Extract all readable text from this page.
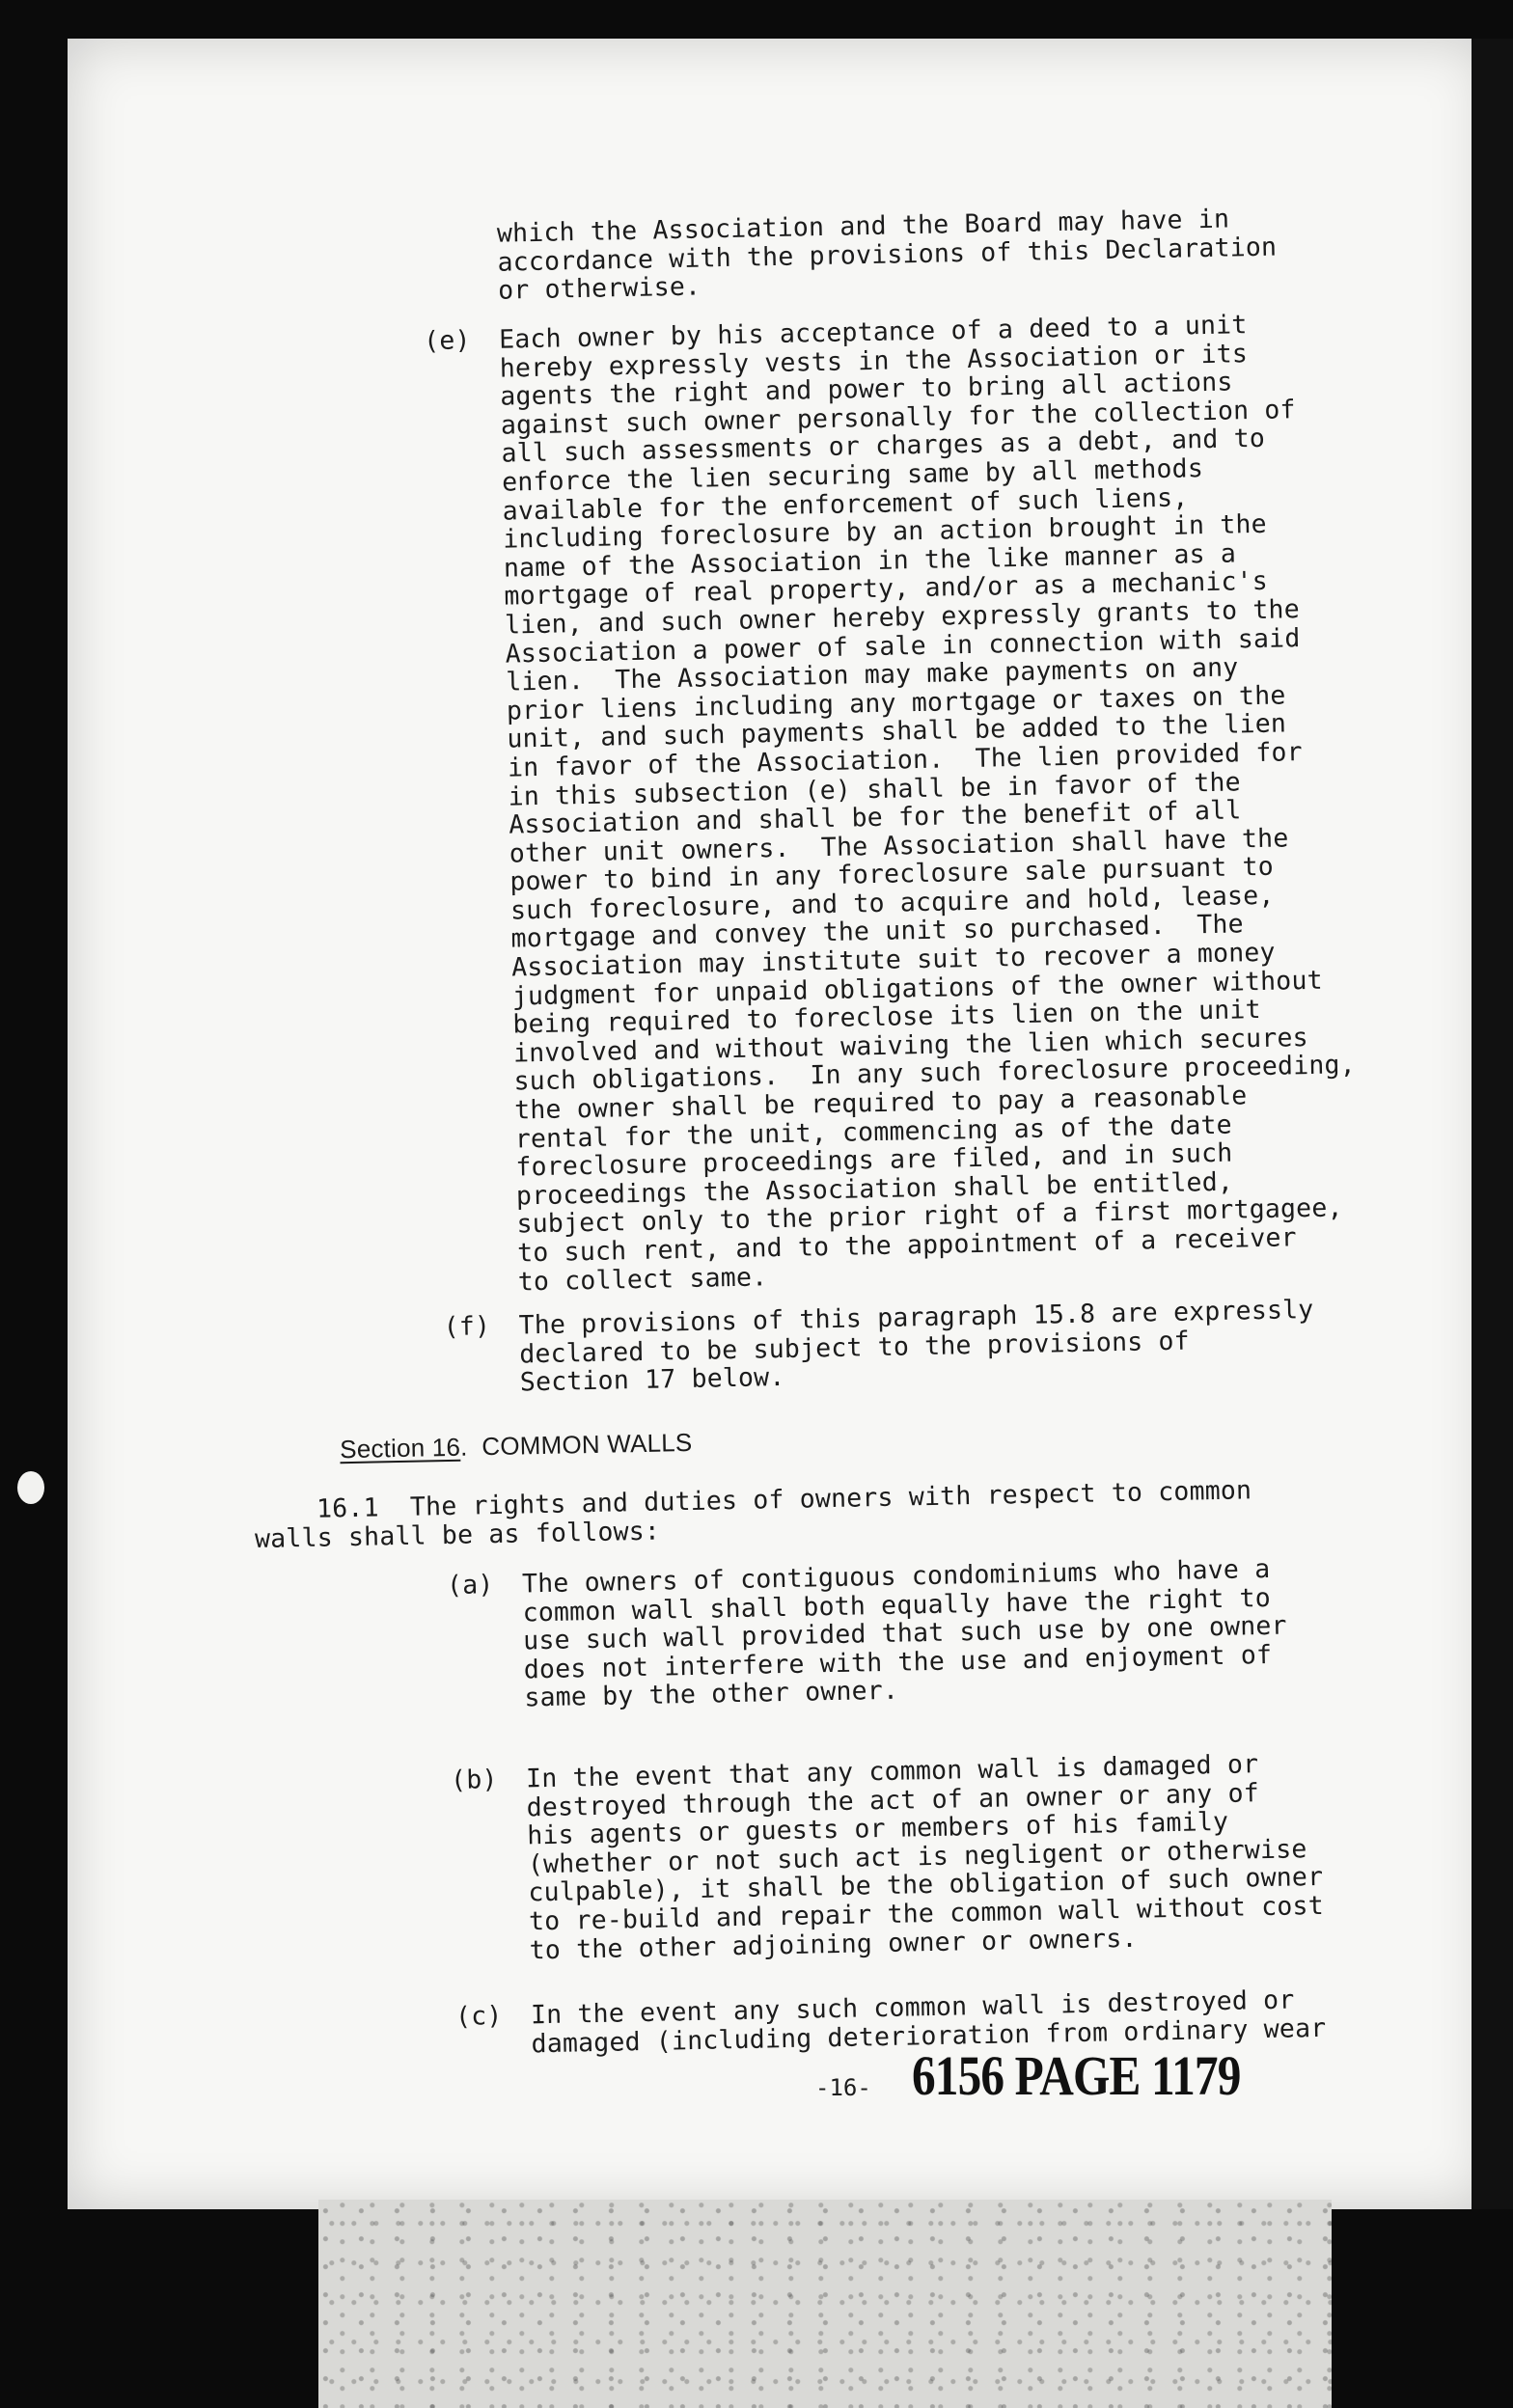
which the Association and the Board may have in
accordance with the provisions of this Declaration
or otherwise.

(e) Each owner by his acceptance of a deed to a unit
hereby expressly vests in the Association or its
agents the right and power to bring all actions
against such owner personally for the collection of
all such assessments or charges as a debt, and to
enforce the lien securing same by all methods
available for the enforcement of such liens,
including foreclosure by an action brought in the
name of the Association in the like manner as a
mortgage of real property, and/or as a mechanic's
lien, and such owner hereby expressly grants to the
Association a power of sale in connection with said
lien.  The Association may make payments on any
prior liens including any mortgage or taxes on the
unit, and such payments shall be added to the lien
in favor of the Association.  The lien provided for
in this subsection (e) shall be in favor of the
Association and shall be for the benefit of all
other unit owners.  The Association shall have the
power to bind in any foreclosure sale pursuant to
such foreclosure, and to acquire and hold, lease,
mortgage and convey the unit so purchased.  The
Association may institute suit to recover a money
judgment for unpaid obligations of the owner without
being required to foreclose its lien on the unit
involved and without waiving the lien which secures
such obligations.  In any such foreclosure proceeding,
the owner shall be required to pay a reasonable
rental for the unit, commencing as of the date
foreclosure proceedings are filed, and in such
proceedings the Association shall be entitled,
subject only to the prior right of a first mortgagee,
to such rent, and to the appointment of a receiver
to collect same.

(f) The provisions of this paragraph 15.8 are expressly
declared to be subject to the provisions of
Section 17 below.

Section 16.  COMMON WALLS

16.1  The rights and duties of owners with respect to common
walls shall be as follows:

(a) The owners of contiguous condominiums who have a
common wall shall both equally have the right to
use such wall provided that such use by one owner
does not interfere with the use and enjoyment of
same by the other owner.

(b) In the event that any common wall is damaged or
destroyed through the act of an owner or any of
his agents or guests or members of his family
(whether or not such act is negligent or otherwise
culpable), it shall be the obligation of such owner
to re-build and repair the common wall without cost
to the other adjoining owner or owners.

(c) In the event any such common wall is destroyed or
damaged (including deterioration from ordinary wear

-16- 6156 PAGE 1179
